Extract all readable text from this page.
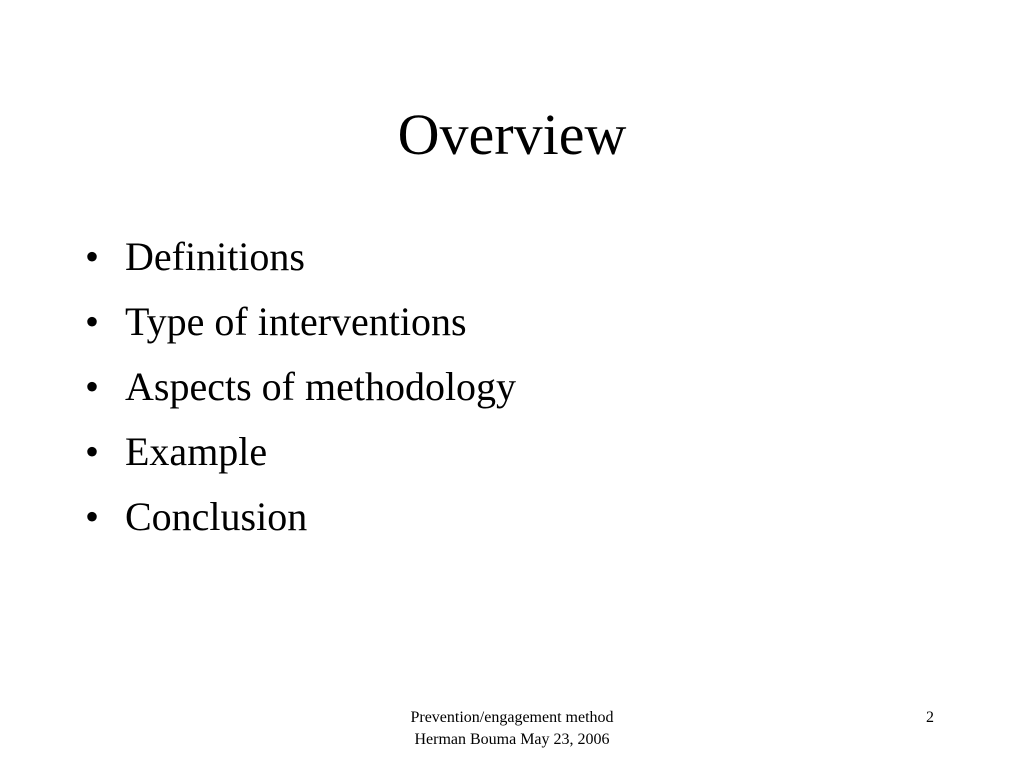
Overview
• Definitions
• Type of interventions
• Aspects of methodology
• Example
• Conclusion
Prevention/engagement method
Herman Bouma May 23, 2006
2
